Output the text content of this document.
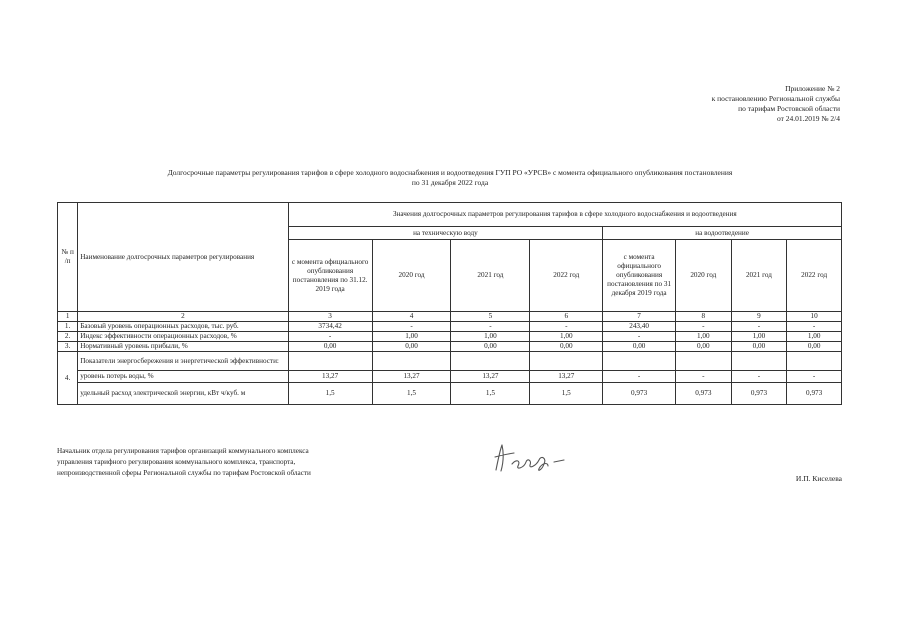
Приложение № 2
к постановлению Региональной службы
по тарифам Ростовской области
от 24.01.2019 № 2/4
Долгосрочные параметры регулирования тарифов в сфере холодного водоснабжения и водоотведения ГУП РО «УРСВ» с момента официального опубликования постановления
по 31 декабря 2022 года
№ п /п	Наименование долгосрочных параметров регулирования	Значения долгосрочных параметров регулирования тарифов в сфере холодного водоснабжения и водоотведения							
		на техническую воду				на водоотведение			
		с момента официального опубликования постановления по 31.12. 2019 года	2020 год	2021 год	2022 год	с момента официального опубликования постановления по 31 декабря 2019 года	2020 год	2021 год	2022 год
1	2	3	4	5	6	7	8	9	10
1.	Базовый уровень операционных расходов, тыс. руб.	3734,42	-	-	-	243,40	-	-	-
2.	Индекс эффективности операционных расходов, %	-	1,00	1,00	1,00	-	1,00	1,00	1,00
3.	Нормативный уровень прибыли, %	0,00	0,00	0,00	0,00	0,00	0,00	0,00	0,00
4.	Показатели энергосбережения и энергетической эффективности:								
	уровень потерь воды, %	13,27	13,27	13,27	13,27	-	-	-	-
	удельный расход электрической энергии, кВт ч/куб. м	1,5	1,5	1,5	1,5	0,973	0,973	0,973	0,973
Начальник отдела регулирования тарифов организаций коммунального комплекса
управления тарифного регулирования коммунального комплекса, транспорта,
непроизводственной сферы Региональной службы по тарифам Ростовской области
И.П. Киселева
